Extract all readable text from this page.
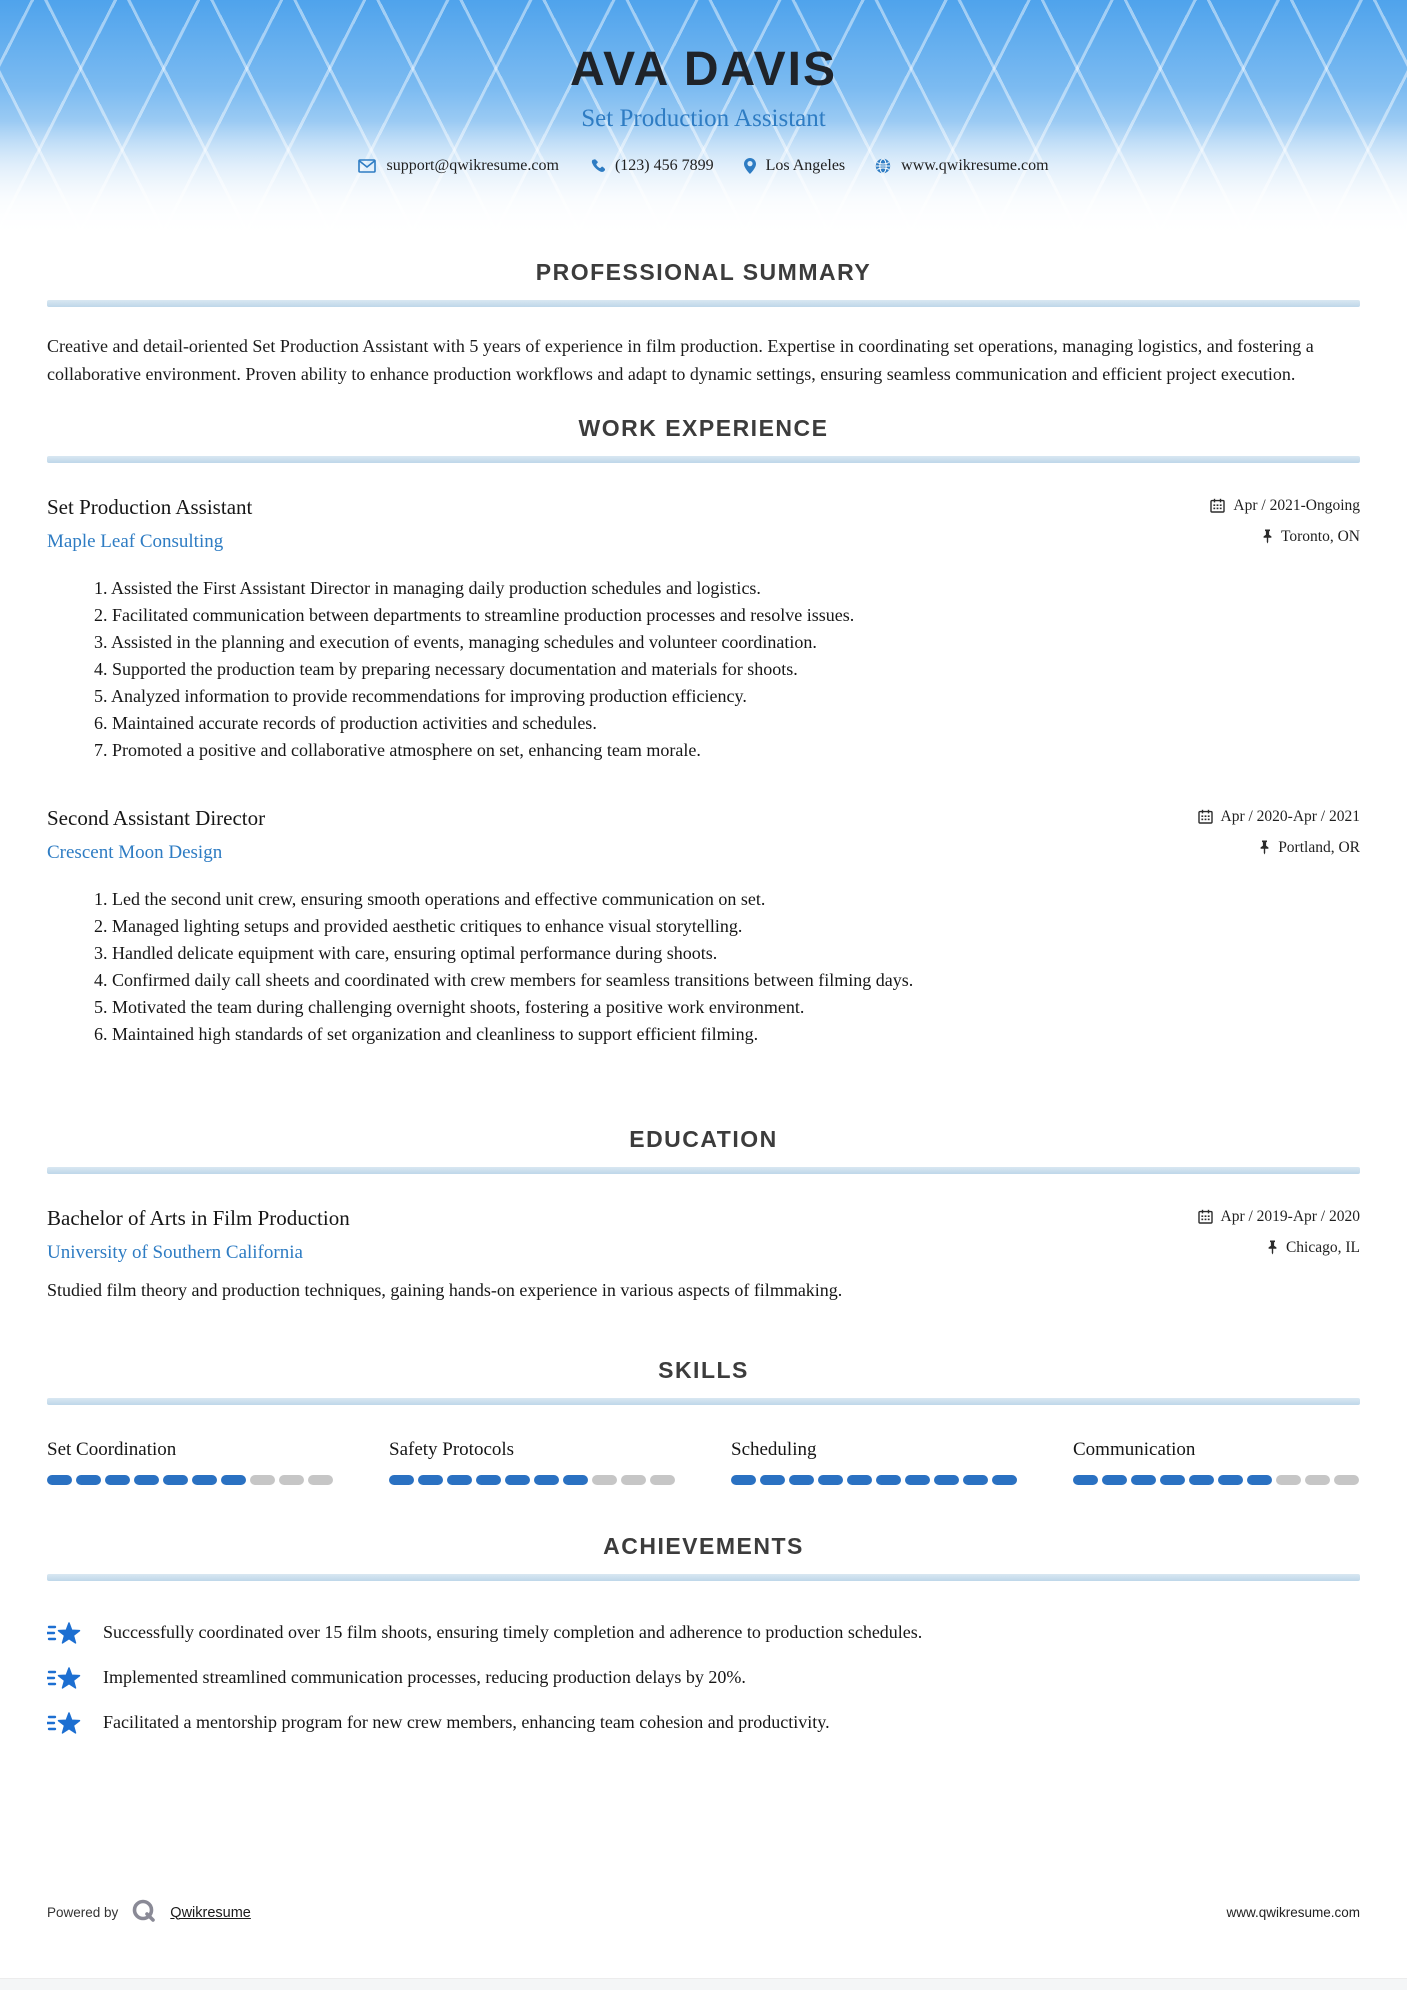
AVA DAVIS
Set Production Assistant
support@qwikresume.com	(123) 456 7899	Los Angeles	www.qwikresume.com
PROFESSIONAL SUMMARY

Creative and detail-oriented Set Production Assistant with 5 years of experience in film production. Expertise in coordinating set operations, managing logistics, and fostering a collaborative environment. Proven ability to enhance production workflows and adapt to dynamic settings, ensuring seamless communication and efficient project execution.

WORK EXPERIENCE
Set Production Assistant
Maple Leaf Consulting
Apr / 2021-Ongoing
Toronto, ON
Assisted the First Assistant Director in managing daily production schedules and logistics.
Facilitated communication between departments to streamline production processes and resolve issues.
Assisted in the planning and execution of events, managing schedules and volunteer coordination.
Supported the production team by preparing necessary documentation and materials for shoots.
Analyzed information to provide recommendations for improving production efficiency.
Maintained accurate records of production activities and schedules.
Promoted a positive and collaborative atmosphere on set, enhancing team morale.
Second Assistant Director
Crescent Moon Design
Apr / 2020-Apr / 2021
Portland, OR
Led the second unit crew, ensuring smooth operations and effective communication on set.
Managed lighting setups and provided aesthetic critiques to enhance visual storytelling.
Handled delicate equipment with care, ensuring optimal performance during shoots.
Confirmed daily call sheets and coordinated with crew members for seamless transitions between filming days.
Motivated the team during challenging overnight shoots, fostering a positive work environment.
Maintained high standards of set organization and cleanliness to support efficient filming.
EDUCATION
Bachelor of Arts in Film Production
University of Southern California
Apr / 2019-Apr / 2020
Chicago, IL

Studied film theory and production techniques, gaining hands-on experience in various aspects of filmmaking.

SKILLS
Set Coordination	Safety Protocols	Scheduling	Communication
ACHIEVEMENTS
Successfully coordinated over 15 film shoots, ensuring timely completion and adherence to production schedules.
Implemented streamlined communication processes, reducing production delays by 20%.
Facilitated a mentorship program for new crew members, enhancing team cohesion and productivity.
Powered by	Qwikresume	www.qwikresume.com
